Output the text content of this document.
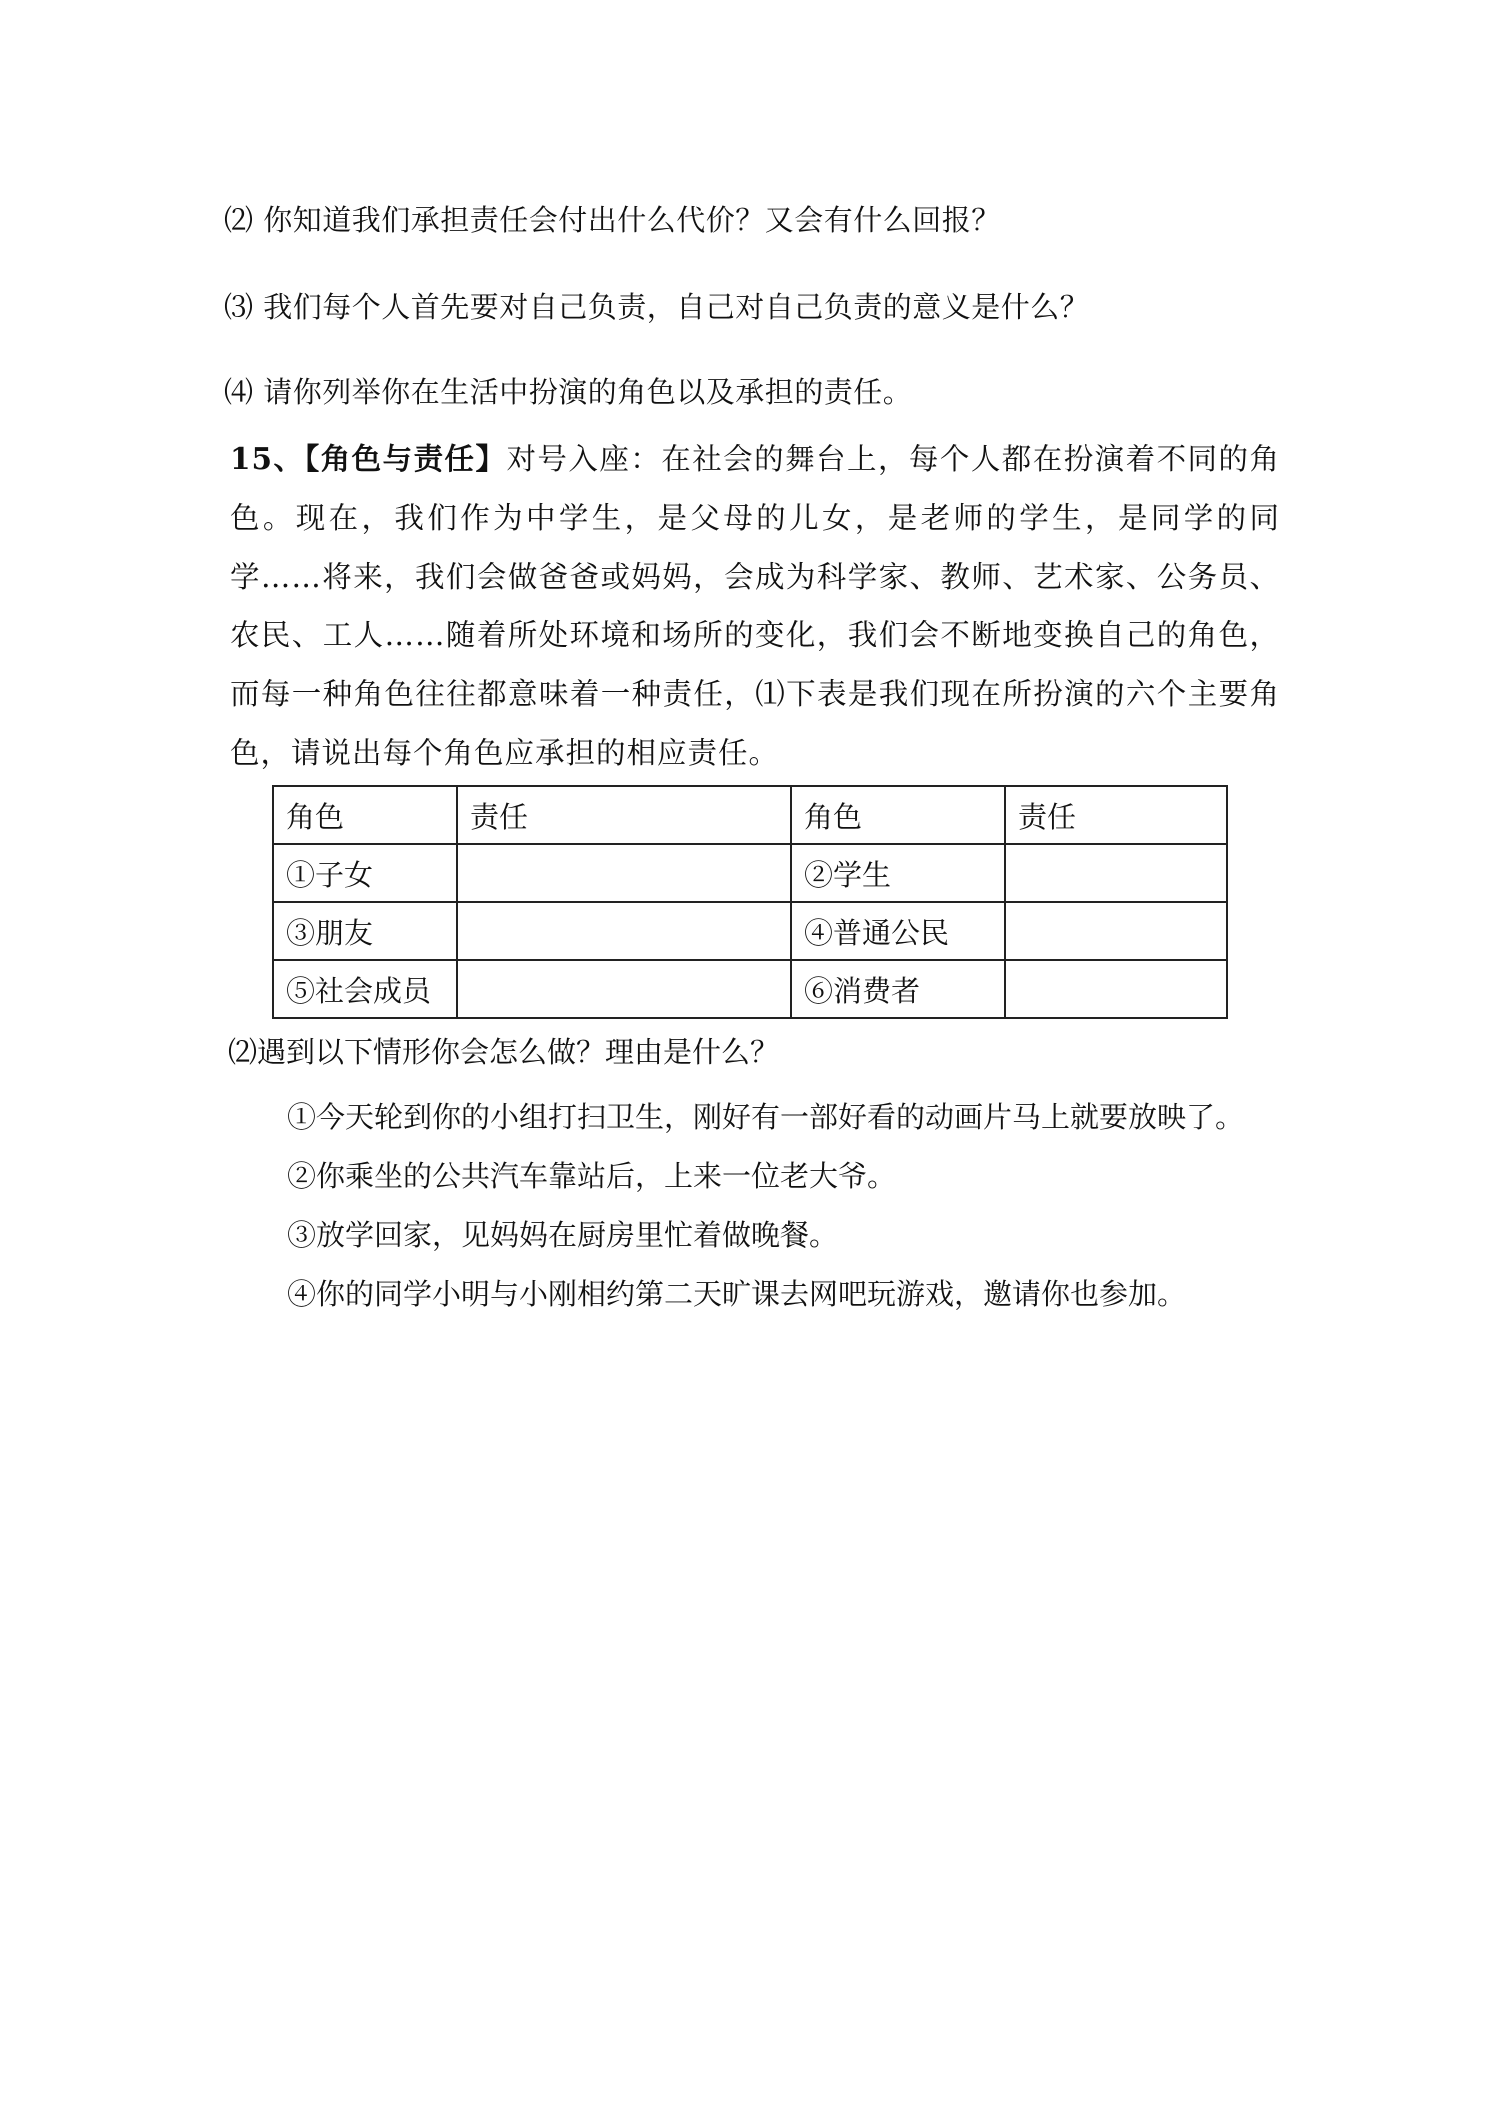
⑵ 你知道我们承担责任会付出什么代价？又会有什么回报？
⑶ 我们每个人首先要对自己负责，自己对自己负责的意义是什么？
⑷ 请你列举你在生活中扮演的角色以及承担的责任。
15、【角色与责任】对号入座：在社会的舞台上，每个人都在扮演着不同的角色。现在，我们作为中学生，是父母的儿女，是老师的学生，是同学的同学……将来，我们会做爸爸或妈妈，会成为科学家、教师、艺术家、公务员、农民、工人……随着所处环境和场所的变化，我们会不断地变换自己的角色，而每一种角色往往都意味着一种责任，⑴下表是我们现在所扮演的六个主要角色，请说出每个角色应承担的相应责任。
角色	责任	角色	责任
①子女		②学生	
③朋友		④普通公民	
⑤社会成员		⑥消费者	
⑵遇到以下情形你会怎么做？理由是什么？
①今天轮到你的小组打扫卫生，刚好有一部好看的动画片马上就要放映了。
②你乘坐的公共汽车靠站后，上来一位老大爷。
③放学回家，见妈妈在厨房里忙着做晚餐。
④你的同学小明与小刚相约第二天旷课去网吧玩游戏，邀请你也参加。
